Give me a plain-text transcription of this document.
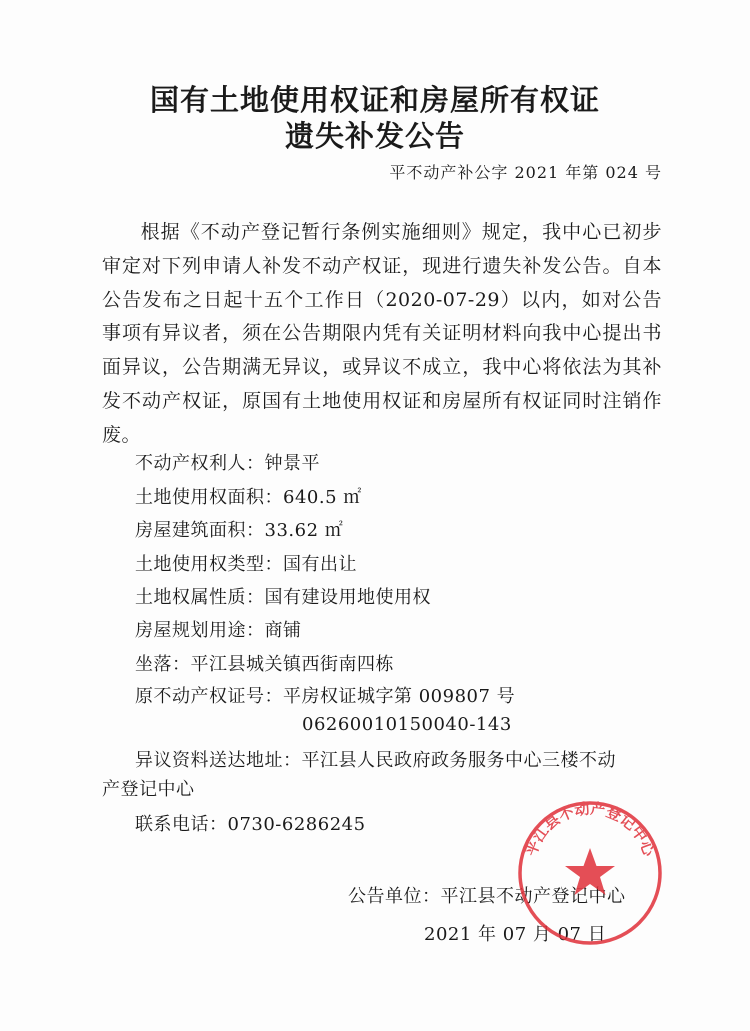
国有土地使用权证和房屋所有权证
遗失补发公告
平不动产补公字 2021 年第 024 号
根据《不动产登记暂行条例实施细则》规定，我中心已初步审定对下列申请人补发不动产权证，现进行遗失补发公告。自本公告发布之日起十五个工作日（2020-07-29）以内，如对公告事项有异议者，须在公告期限内凭有关证明材料向我中心提出书面异议，公告期满无异议，或异议不成立，我中心将依法为其补发不动产权证，原国有土地使用权证和房屋所有权证同时注销作废。
不动产权利人：钟景平
土地使用权面积：640.5 ㎡
房屋建筑面积：33.62 ㎡
土地使用权类型：国有出让
土地权属性质：国有建设用地使用权
房屋规划用途：商铺
坐落：平江县城关镇西街南四栋
原不动产权证号：平房权证城字第 009807 号
06260010150040-143
异议资料送达地址：平江县人民政府政务服务中心三楼不动
产登记中心
联系电话：0730-6286245
公告单位：平江县不动产登记中心
2021 年 07 月 07 日
平江县不动产登记中心
